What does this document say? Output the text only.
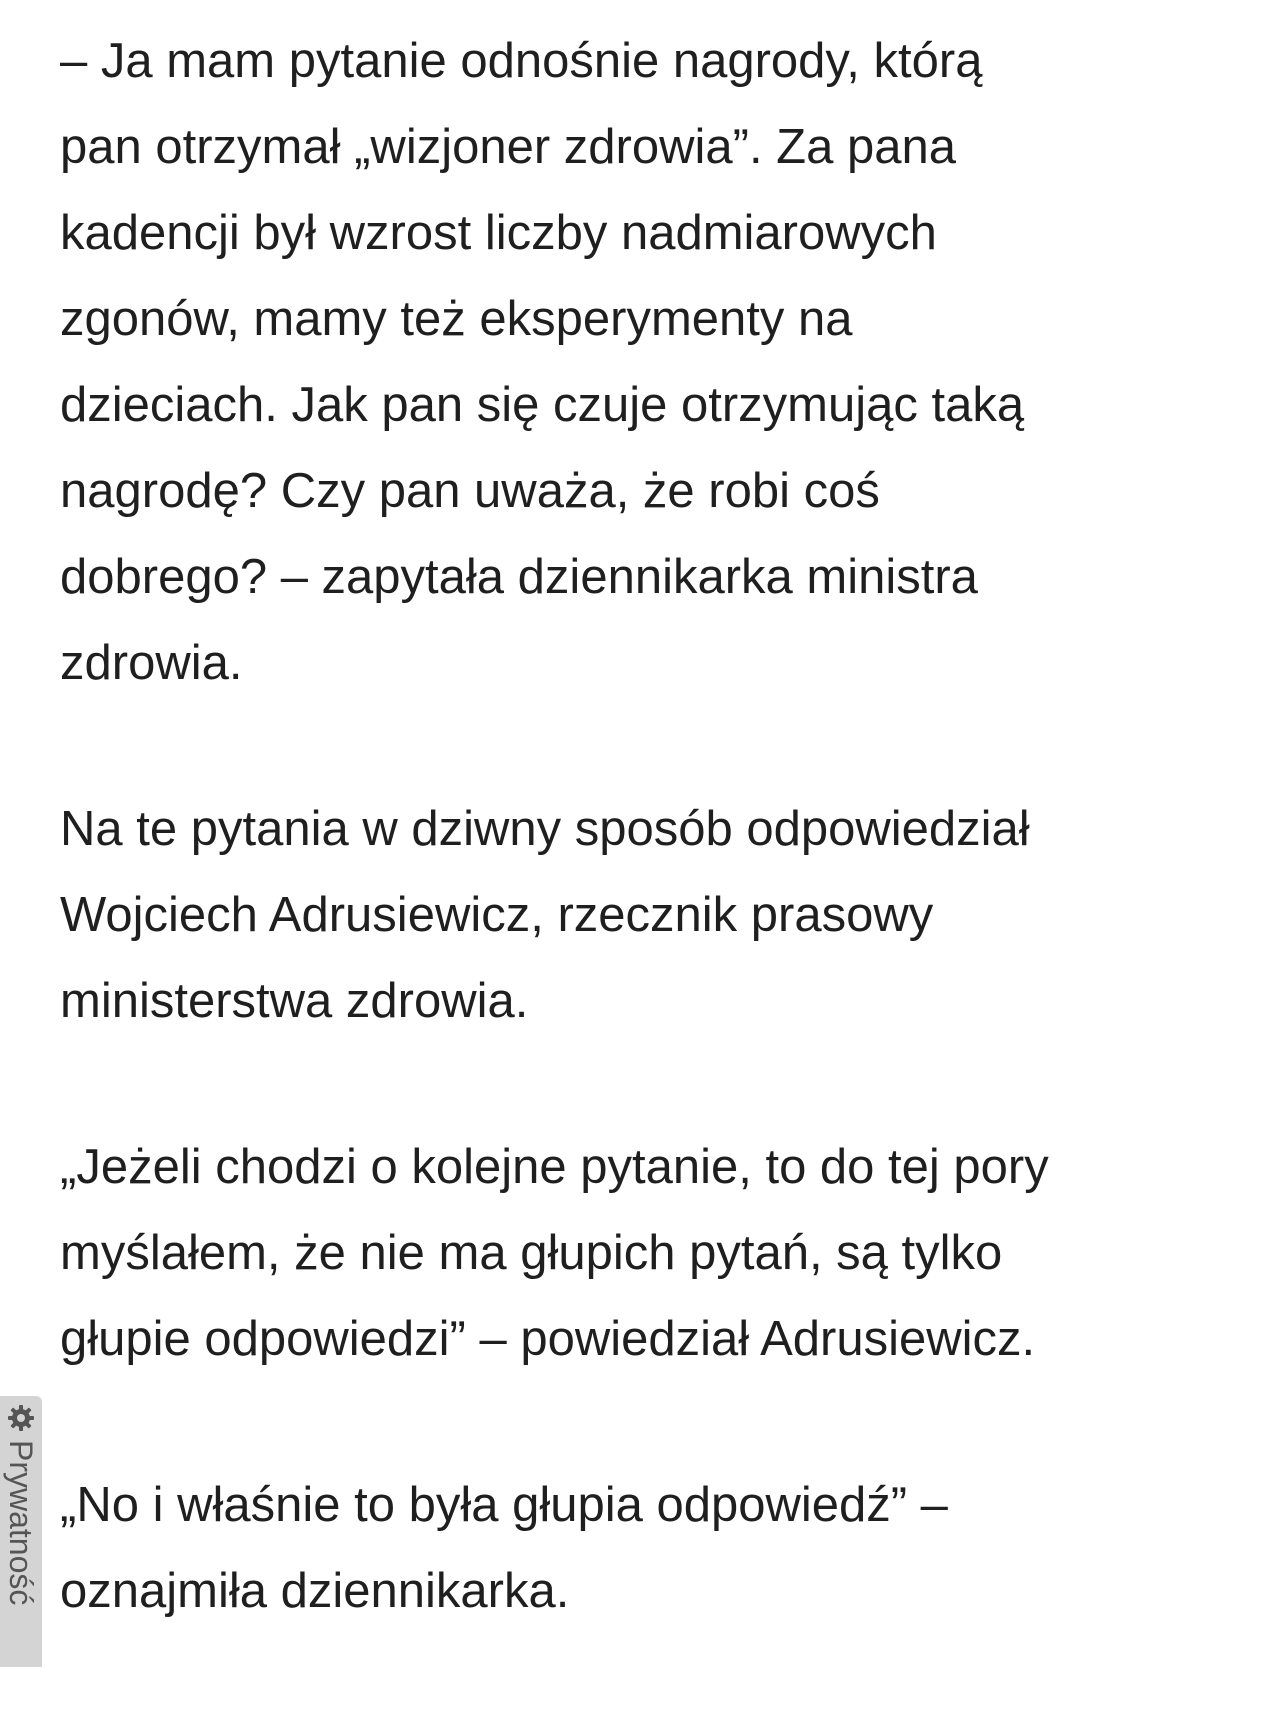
– Ja mam pytanie odnośnie nagrody, którą
pan otrzymał „wizjoner zdrowia”. Za pana
kadencji był wzrost liczby nadmiarowych
zgonów, mamy też eksperymenty na
dzieciach. Jak pan się czuje otrzymując taką
nagrodę? Czy pan uważa, że robi coś
dobrego? – zapytała dziennikarka ministra
zdrowia.

Na te pytania w dziwny sposób odpowiedział
Wojciech Adrusiewicz, rzecznik prasowy
ministerstwa zdrowia.

„Jeżeli chodzi o kolejne pytanie, to do tej pory
myślałem, że nie ma głupich pytań, są tylko
głupie odpowiedzi” – powiedział Adrusiewicz.

„No i właśnie to była głupia odpowiedź” –
oznajmiła dziennikarka.

Prywatność
